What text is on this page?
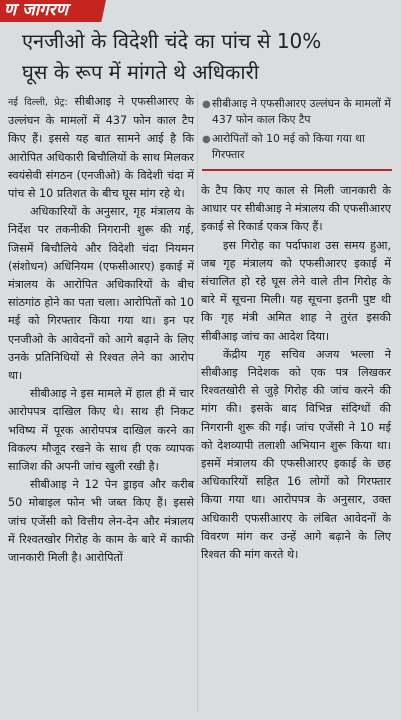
ण जागरण
एनजीओ के विदेशी चंदे का पांच से 10%
घूस के रूप में मांगते थे अधिकारी

नई दिल्ली, प्रेट्र: सीबीआइ ने एफसीआरए के उल्लंघन के मामलों में 437 फोन काल टैप किए हैं। इससे यह बात सामने आई है कि आरोपित अधिकारी बिचौलियों के साथ मिलकर स्वयंसेवी संगठन (एनजीओ) के विदेशी चंदा में पांच से 10 प्रतिशत के बीच घूस मांग रहे थे।

अधिकारियों के अनुसार, गृह मंत्रालय के निर्देश पर तकनीकी निगरानी शुरू की गई, जिसमें बिचौलिये और विदेशी चंदा नियमन (संशोधन) अधिनियम (एफसीआरए) इकाई में मंत्रालय के आरोपित अधिकारियों के बीच सांठगांठ होने का पता चला। आरोपितों को 10 मई को गिरफ्तार किया गया था। इन पर एनजीओ के आवेदनों को आगे बढ़ाने के लिए उनके प्रतिनिधियों से रिश्वत लेने का आरोप था।

सीबीआइ ने इस मामले में हाल ही में चार आरोपपत्र दाखिल किए थे। साथ ही निकट भविष्य में पूरक आरोपपत्र दाखिल करने का विकल्प मौजूद रखने के साथ ही एक व्यापक साजिश की अपनी जांच खुली रखी है।

सीबीआइ ने 12 पेन ड्राइव और करीब 50 मोबाइल फोन भी जब्त किए हैं। इससे जांच एजेंसी को वित्तीय लेन-देन और मंत्रालय में रिश्वतखोर गिरोह के काम के बारे में काफी जानकारी मिली है। आरोपितों

● सीबीआइ ने एफसीआरए उल्लंघन के मामलों में 437 फोन काल किए टैप
● आरोपितों को 10 मई को किया गया था गिरफ्तार

के टैप किए गए काल से मिली जानकारी के आधार पर सीबीआइ ने मंत्रालय की एफसीआरए इकाई से रिकार्ड एकत्र किए हैं।

इस गिरोह का पर्दाफाश उस समय हुआ, जब गृह मंत्रालय को एफसीआरए इकाई में संचालित हो रहे घूस लेने वाले तीन गिरोह के बारे में सूचना मिली। यह सूचना इतनी पुष्ट थी कि गृह मंत्री अमित शाह ने तुरंत इसकी सीबीआइ जांच का आदेश दिया।

केंद्रीय गृह सचिव अजय भल्ला ने सीबीआइ निदेशक को एक पत्र लिखकर रिश्वतखोरी से जुड़े गिरोह की जांच करने की मांग की। इसके बाद विभिन्न संदिग्धों की निगरानी शुरू की गई। जांच एजेंसी ने 10 मई को देशव्यापी तलाशी अभियान शुरू किया था। इसमें मंत्रालय की एफसीआरए इकाई के छह अधिकारियों सहित 16 लोगों को गिरफ्तार किया गया था। आरोपपत्र के अनुसार, उक्त अधिकारी एफसीआरए के लंबित आवेदनों के विवरण मांग कर उन्हें आगे बढ़ाने के लिए रिश्वत की मांग करते थे।
